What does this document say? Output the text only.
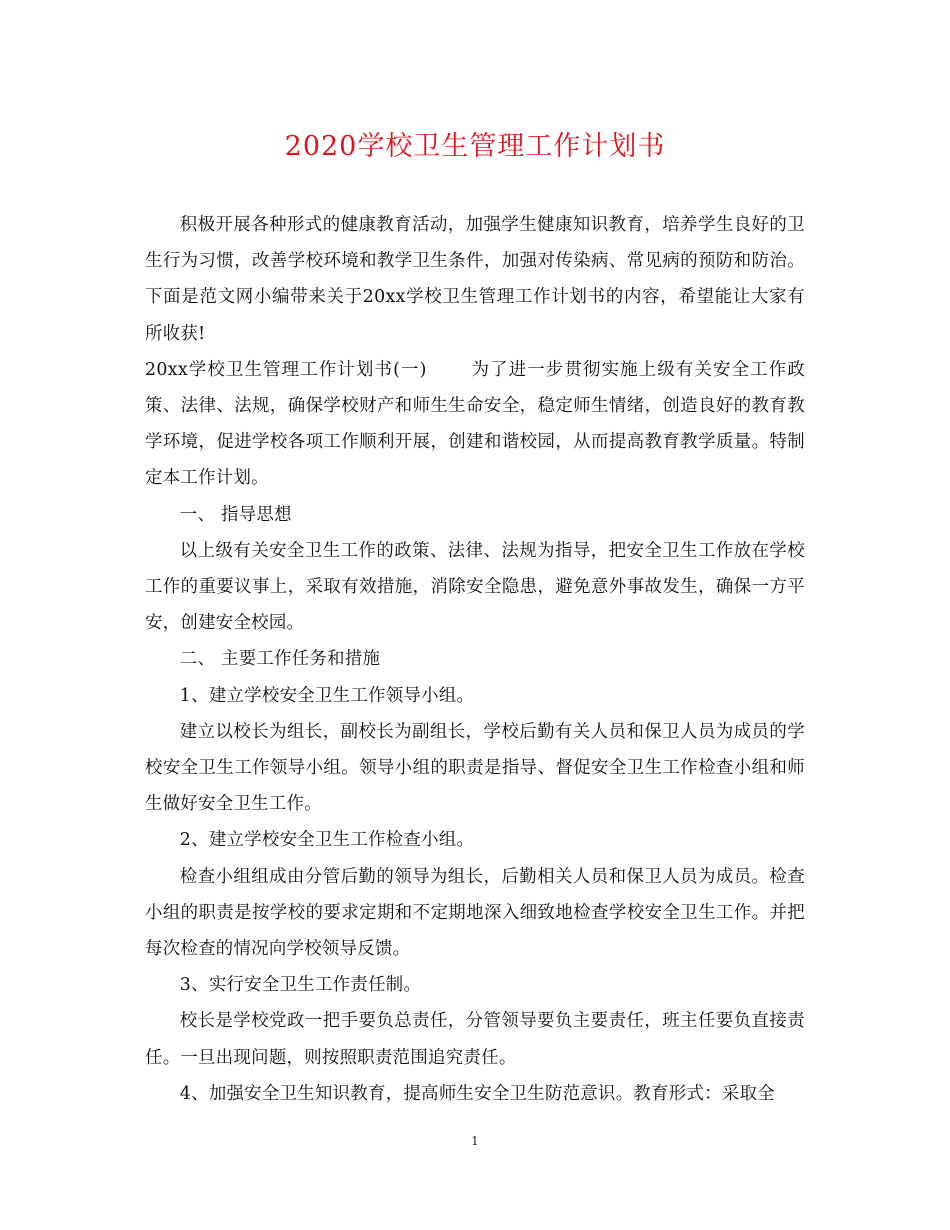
2020学校卫生管理工作计划书

积极开展各种形式的健康教育活动，加强学生健康知识教育，培养学生良好的卫生行为习惯，改善学校环境和教学卫生条件，加强对传染病、常见病的预防和防治。下面是范文网小编带来关于20xx学校卫生管理工作计划书的内容，希望能让大家有所收获!

20xx学校卫生管理工作计划书(一)	为了进一步贯彻实施上级有关安全工作政策、法律、法规，确保学校财产和师生生命安全，稳定师生情绪，创造良好的教育教学环境，促进学校各项工作顺利开展，创建和谐校园，从而提高教育教学质量。特制定本工作计划。

一、 指导思想

以上级有关安全卫生工作的政策、法律、法规为指导，把安全卫生工作放在学校工作的重要议事上，采取有效措施，消除安全隐患，避免意外事故发生，确保一方平安，创建安全校园。

二、 主要工作任务和措施

1、建立学校安全卫生工作领导小组。

建立以校长为组长，副校长为副组长，学校后勤有关人员和保卫人员为成员的学校安全卫生工作领导小组。领导小组的职责是指导、督促安全卫生工作检查小组和师生做好安全卫生工作。

2、建立学校安全卫生工作检查小组。

检查小组组成由分管后勤的领导为组长，后勤相关人员和保卫人员为成员。检查小组的职责是按学校的要求定期和不定期地深入细致地检查学校安全卫生工作。并把每次检查的情况向学校领导反馈。

3、实行安全卫生工作责任制。

校长是学校党政一把手要负总责任，分管领导要负主要责任，班主任要负直接责任。一旦出现问题，则按照职责范围追究责任。

4、加强安全卫生知识教育，提高师生安全卫生防范意识。教育形式：采取全

1
